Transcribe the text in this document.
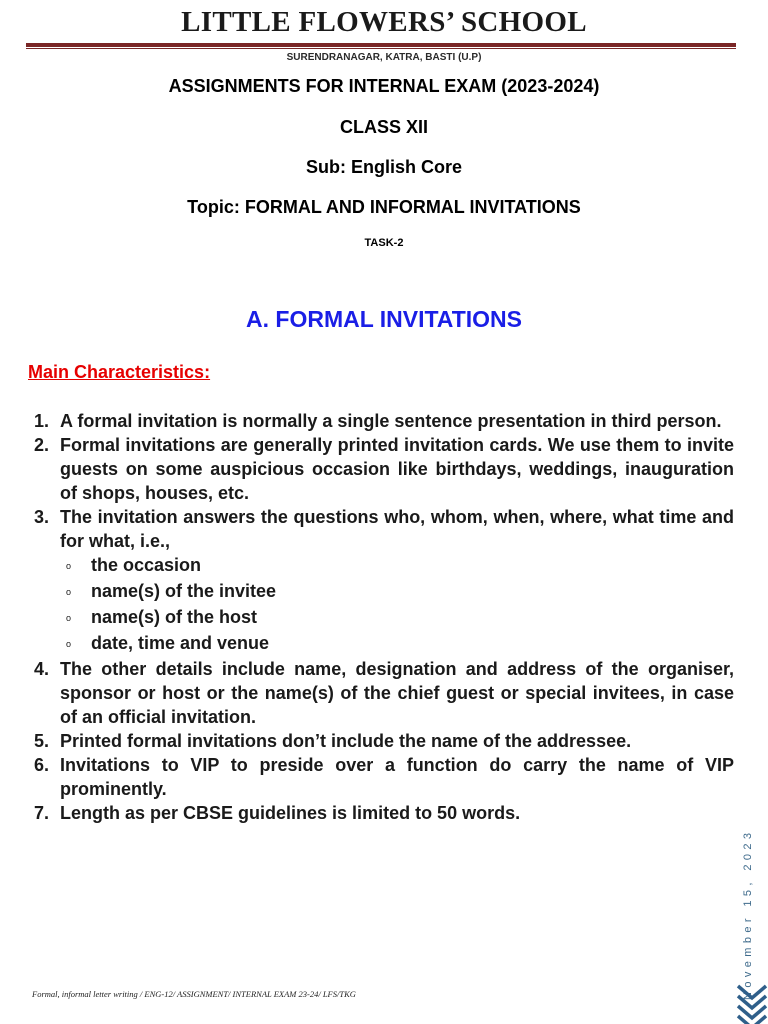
LITTLE FLOWERS’ SCHOOL
SURENDRANAGAR, KATRA, BASTI (U.P)
ASSIGNMENTS FOR INTERNAL EXAM (2023-2024)
CLASS XII
Sub: English Core
Topic: FORMAL AND INFORMAL INVITATIONS
TASK-2
A. FORMAL INVITATIONS
Main Characteristics:
1. A formal invitation is normally a single sentence presentation in third person.
2. Formal invitations are generally printed invitation cards. We use them to invite guests on some auspicious occasion like birthdays, weddings, inauguration of shops, houses, etc.
3. The invitation answers the questions who, whom, when, where, what time and for what, i.e.,
o	the occasion
o	name(s) of the invitee
o	name(s) of the host
o	date, time and venue
4. The other details include name, designation and address of the organiser, sponsor or host or the name(s) of the chief guest or special invitees, in case of an official invitation.
5. Printed formal invitations don’t include the name of the addressee.
6. Invitations to VIP to preside over a function do carry the name of VIP prominently.
7. Length as per CBSE guidelines is limited to 50 words.
Formal, informal letter writing / ENG-12/ ASSIGNMENT/ INTERNAL EXAM 23-24/ LFS/TKG	November 15, 2023
